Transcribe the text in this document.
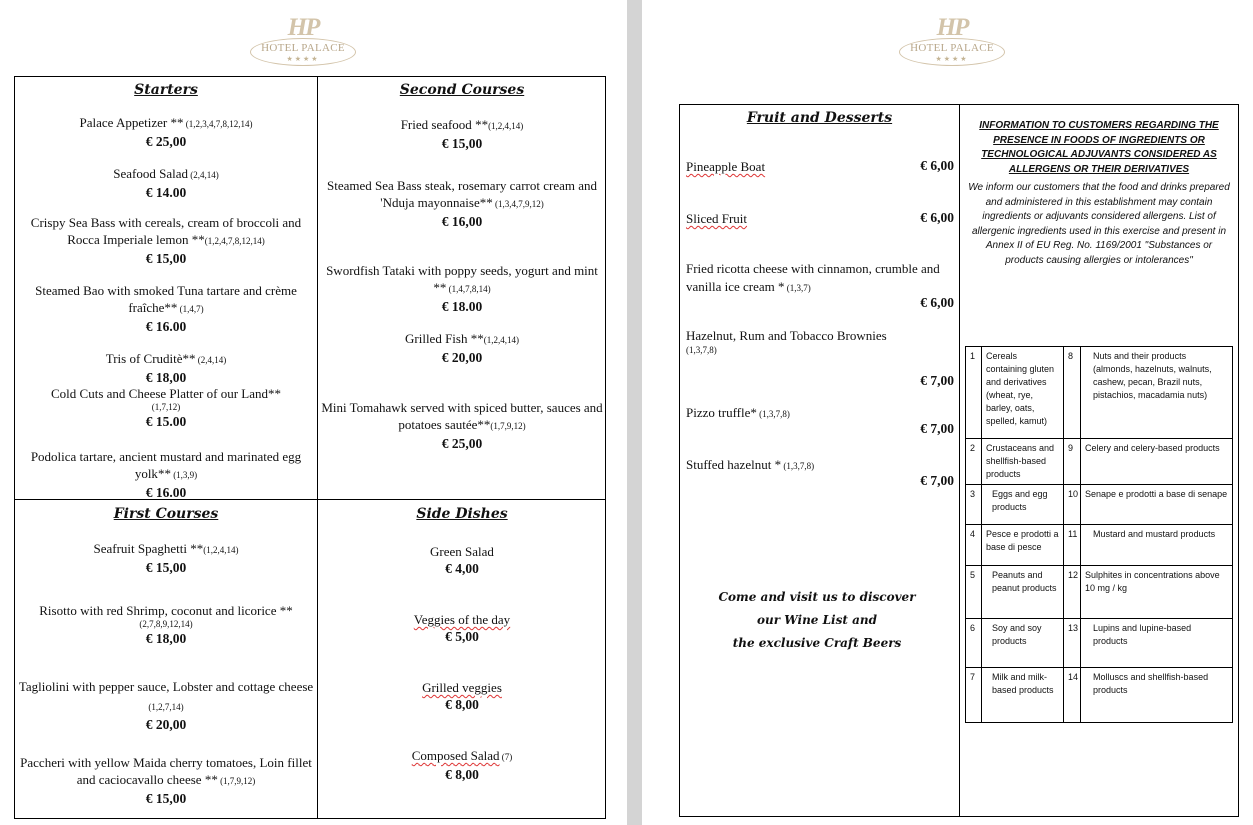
HP
HOTEL PALACE
★★★★
Starters
Palace Appetizer ** (1,2,3,4,7,8,12,14)
€ 25,00
Seafood Salad (2,4,14)
€ 14.00
Crispy Sea Bass with cereals, cream of broccoli and Rocca Imperiale lemon **(1,2,4,7,8,12,14)
€ 15,00
Steamed Bao with smoked Tuna tartare and crème fraîche** (1,4,7)
€ 16.00
Tris of Cruditè** (2,4,14)
€ 18,00
Cold Cuts and Cheese Platter of our Land**
(1,7,12)
€ 15.00
Podolica tartare, ancient mustard and marinated egg yolk** (1,3,9)
€ 16.00
Second Courses
Fried seafood **(1,2,4,14)
€ 15,00
Steamed Sea Bass steak, rosemary carrot cream and 'Nduja mayonnaise** (1,3,4,7,9,12)
€ 16,00
Swordfish Tataki with poppy seeds, yogurt and mint ** (1,4,7,8,14)
€ 18.00
Grilled Fish **(1,2,4,14)
€ 20,00
Mini Tomahawk served with spiced butter, sauces and potatoes sautée**(1,7,9,12)
€ 25,00
First Courses
Seafruit Spaghetti **(1,2,4,14)
€ 15,00
Risotto with red Shrimp, coconut and licorice **
(2,7,8,9,12,14)
€ 18,00
Tagliolini with pepper sauce, Lobster and cottage cheese (1,2,7,14)
€ 20,00
Paccheri with yellow Maida cherry tomatoes, Loin fillet and caciocavallo cheese ** (1,7,9,12)
€ 15,00
Side Dishes
Green Salad
€ 4,00
Veggies of the day
€ 5,00
Grilled veggies
€ 8,00
Composed Salad (7)
€ 8,00
HP
HOTEL PALACE
★★★★
Fruit and Desserts
Pineapple Boat	€ 6,00
Sliced Fruit	€ 6,00
Fried ricotta cheese with cinnamon, crumble and vanilla ice cream * (1,3,7)
€ 6,00
Hazelnut, Rum and Tobacco Brownies
(1,3,7,8)
€ 7,00
Pizzo truffle* (1,3,7,8)
€ 7,00
Stuffed hazelnut * (1,3,7,8)
€ 7,00
Come and visit us to discover
our Wine List and
the exclusive Craft Beers
INFORMATION TO CUSTOMERS REGARDING THE PRESENCE IN FOODS OF INGREDIENTS OR TECHNOLOGICAL ADJUVANTS CONSIDERED AS ALLERGENS OR THEIR DERIVATIVES
We inform our customers that the food and drinks prepared and administered in this establishment may contain ingredients or adjuvants considered allergens. List of allergenic ingredients used in this exercise and present in Annex II of EU Reg. No. 1169/2001 "Substances or products causing allergies or intolerances"
1	Cereals containing gluten and derivatives (wheat, rye, barley, oats, spelled, kamut)	8	Nuts and their products (almonds, hazelnuts, walnuts, cashew, pecan, Brazil nuts, pistachios, macadamia nuts)
2	Crustaceans and shellfish-based products	9	Celery and celery-based products
3	Eggs and egg products	10	Senape e prodotti a base di senape
4	Pesce e prodotti a base di pesce	11	Mustard and mustard products
5	Peanuts and peanut products	12	Sulphites in concentrations above 10 mg / kg
6	Soy and soy products	13	Lupins and lupine-based products
7	Milk and milk-based products	14	Molluscs and shellfish-based products
